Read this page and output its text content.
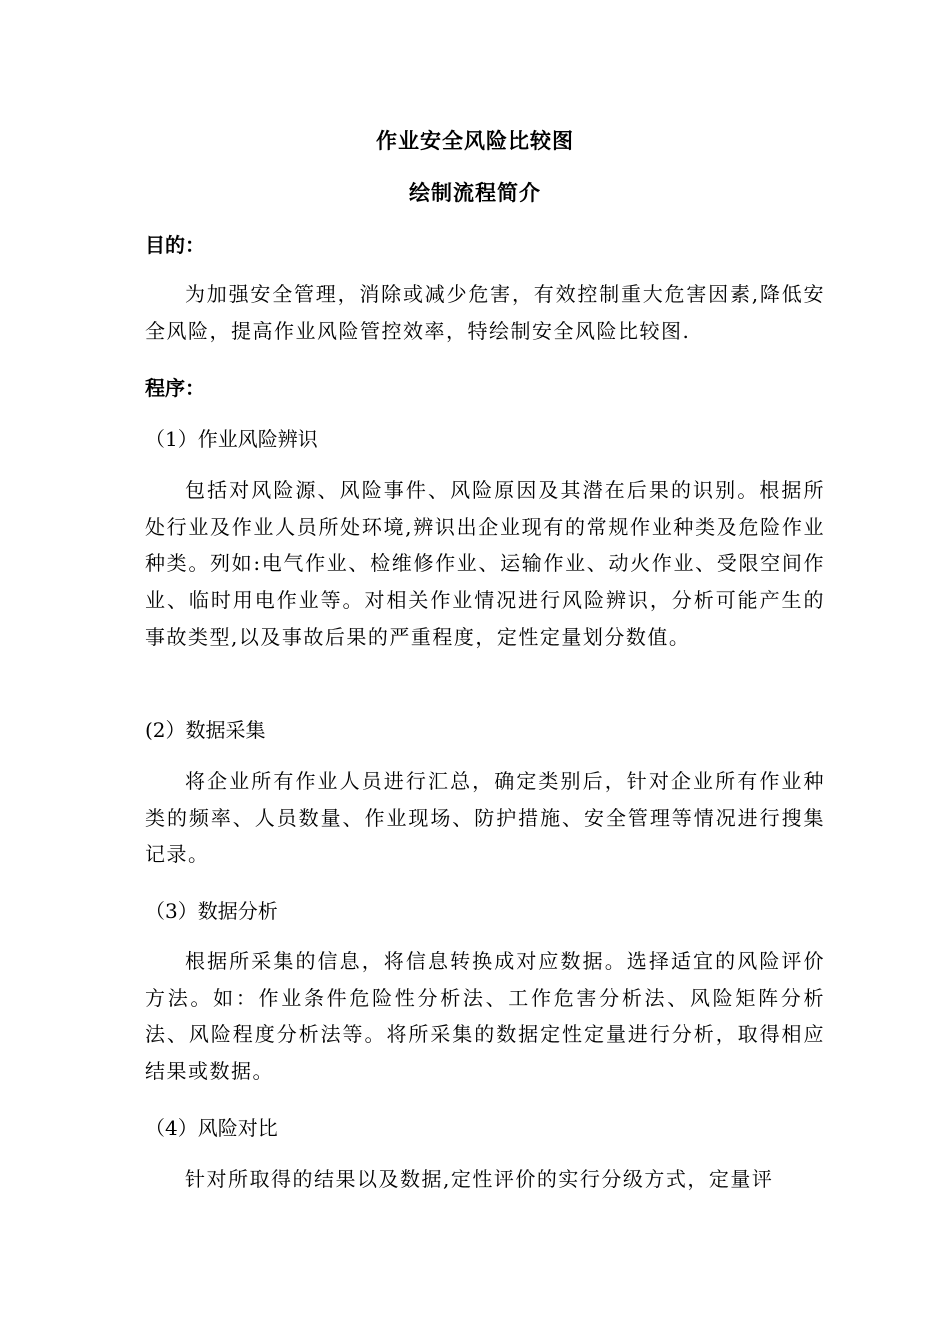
作业安全风险比较图
绘制流程简介
目的：

为加强安全管理，消除或减少危害，有效控制重大危害因素,降低安全风险，提高作业风险管控效率，特绘制安全风险比较图.

程序：
（1）作业风险辨识

包括对风险源、风险事件、风险原因及其潜在后果的识别。根据所处行业及作业人员所处环境,辨识出企业现有的常规作业种类及危险作业种类。列如:电气作业、检维修作业、运输作业、动火作业、受限空间作业、临时用电作业等。对相关作业情况进行风险辨识，分析可能产生的事故类型,以及事故后果的严重程度，定性定量划分数值。

(2）数据采集

将企业所有作业人员进行汇总，确定类别后，针对企业所有作业种类的频率、人员数量、作业现场、防护措施、安全管理等情况进行搜集记录。

（3）数据分析

根据所采集的信息，将信息转换成对应数据。选择适宜的风险评价方法。如：作业条件危险性分析法、工作危害分析法、风险矩阵分析法、风险程度分析法等。将所采集的数据定性定量进行分析，取得相应结果或数据。

（4）风险对比

针对所取得的结果以及数据,定性评价的实行分级方式，定量评
